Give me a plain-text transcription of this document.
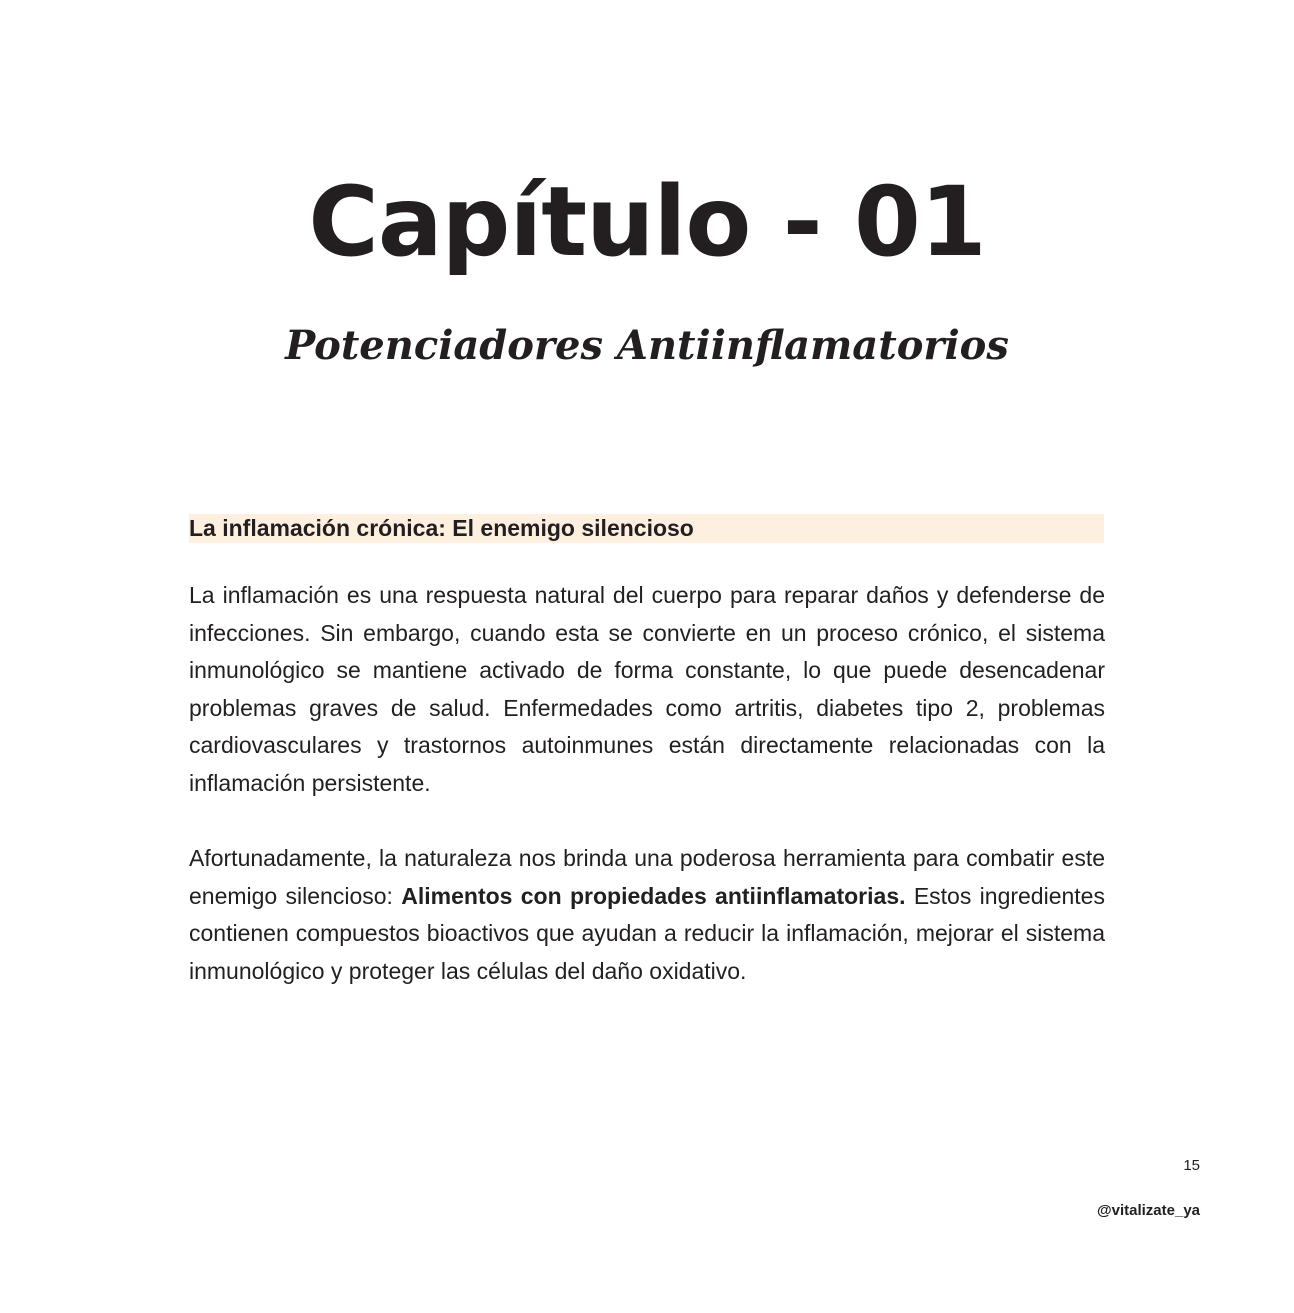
Capítulo - 01
Potenciadores Antiinflamatorios
La inflamación crónica: El enemigo silencioso

La inflamación es una respuesta natural del cuerpo para reparar daños y defenderse de infecciones. Sin embargo, cuando esta se convierte en un proceso crónico, el sistema inmunológico se mantiene activado de forma constante, lo que puede desencadenar problemas graves de salud. Enfermedades como artritis, diabetes tipo 2, problemas cardiovasculares y trastornos autoinmunes están directamente relacionadas con la inflamación persistente.

Afortunadamente, la naturaleza nos brinda una poderosa herramienta para combatir este enemigo silencioso: Alimentos con propiedades antiinflamatorias. Estos ingredientes contienen compuestos bioactivos que ayudan a reducir la inflamación, mejorar el sistema inmunológico y proteger las células del daño oxidativo.

15
@vitalizate_ya
